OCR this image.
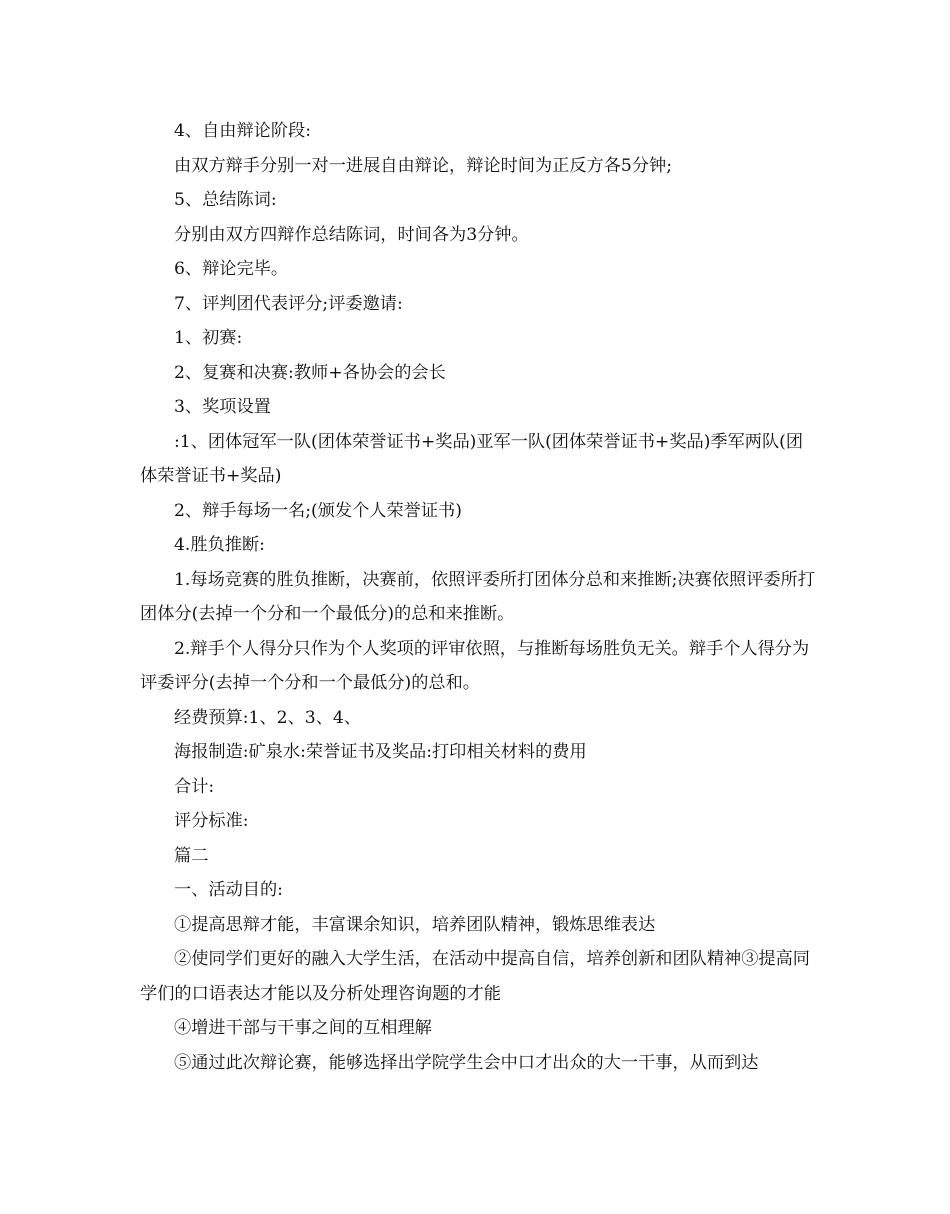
4、自由辩论阶段:

由双方辩手分别一对一进展自由辩论，辩论时间为正反方各5分钟;

5、总结陈词:

分别由双方四辩作总结陈词，时间各为3分钟。

6、辩论完毕。

7、评判团代表评分;评委邀请:

1、初赛:

2、复赛和决赛:教师+各协会的会长

3、奖项设置

:1、团体冠军一队(团体荣誉证书+奖品)亚军一队(团体荣誉证书+奖品)季军两队(团体荣誉证书+奖品)

2、辩手每场一名;(颁发个人荣誉证书)

4.胜负推断:

1.每场竞赛的胜负推断，决赛前，依照评委所打团体分总和来推断;决赛依照评委所打团体分(去掉一个分和一个最低分)的总和来推断。

2.辩手个人得分只作为个人奖项的评审依照，与推断每场胜负无关。辩手个人得分为评委评分(去掉一个分和一个最低分)的总和。

经费预算:1、2、3、4、

海报制造:矿泉水:荣誉证书及奖品:打印相关材料的费用

合计:

评分标准:

篇二

一、活动目的:

①提高思辩才能，丰富课余知识，培养团队精神，锻炼思维表达

②使同学们更好的融入大学生活，在活动中提高自信，培养创新和团队精神③提高同学们的口语表达才能以及分析处理咨询题的才能

④增进干部与干事之间的互相理解

⑤通过此次辩论赛，能够选择出学院学生会中口才出众的大一干事，从而到达
